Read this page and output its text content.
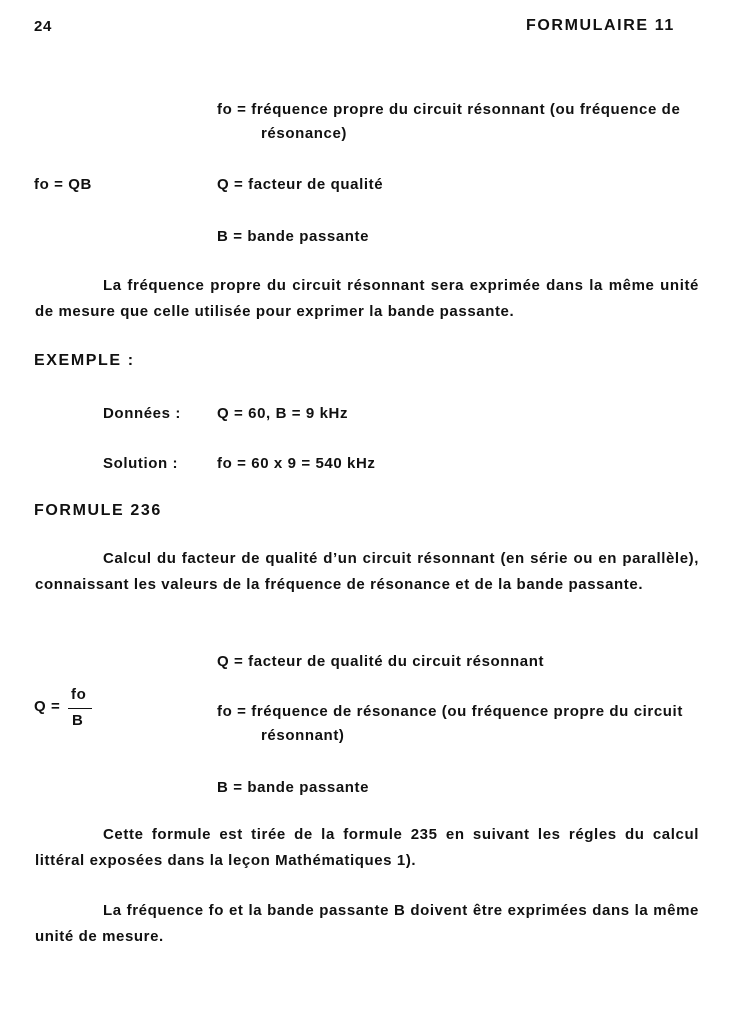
24	FORMULAIRE 11
fo = fréquence propre du circuit résonnant (ou fréquence de résonance)
fo = QB	Q = facteur de qualité
B = bande passante
La fréquence propre du circuit résonnant sera exprimée dans la même unité de mesure que celle utilisée pour exprimer la bande passante.
EXEMPLE :
Données : Q = 60, B = 9 kHz
Solution :	fo = 60 x 9 = 540 kHz
FORMULE 236
Calcul du facteur de qualité d’un circuit résonnant (en série ou en parallèle), connaissant les valeurs de la fréquence de résonance et de la bande passante.
Q = facteur de qualité du circuit résonnant
Q =
fo
B
fo = fréquence de résonance (ou fréquence propre du circuit résonnant)
B = bande passante
Cette formule est tirée de la formule 235 en suivant les régles du calcul littéral exposées dans la leçon Mathématiques 1).
La fréquence fo et la bande passante B doivent être exprimées dans la même unité de mesure.
